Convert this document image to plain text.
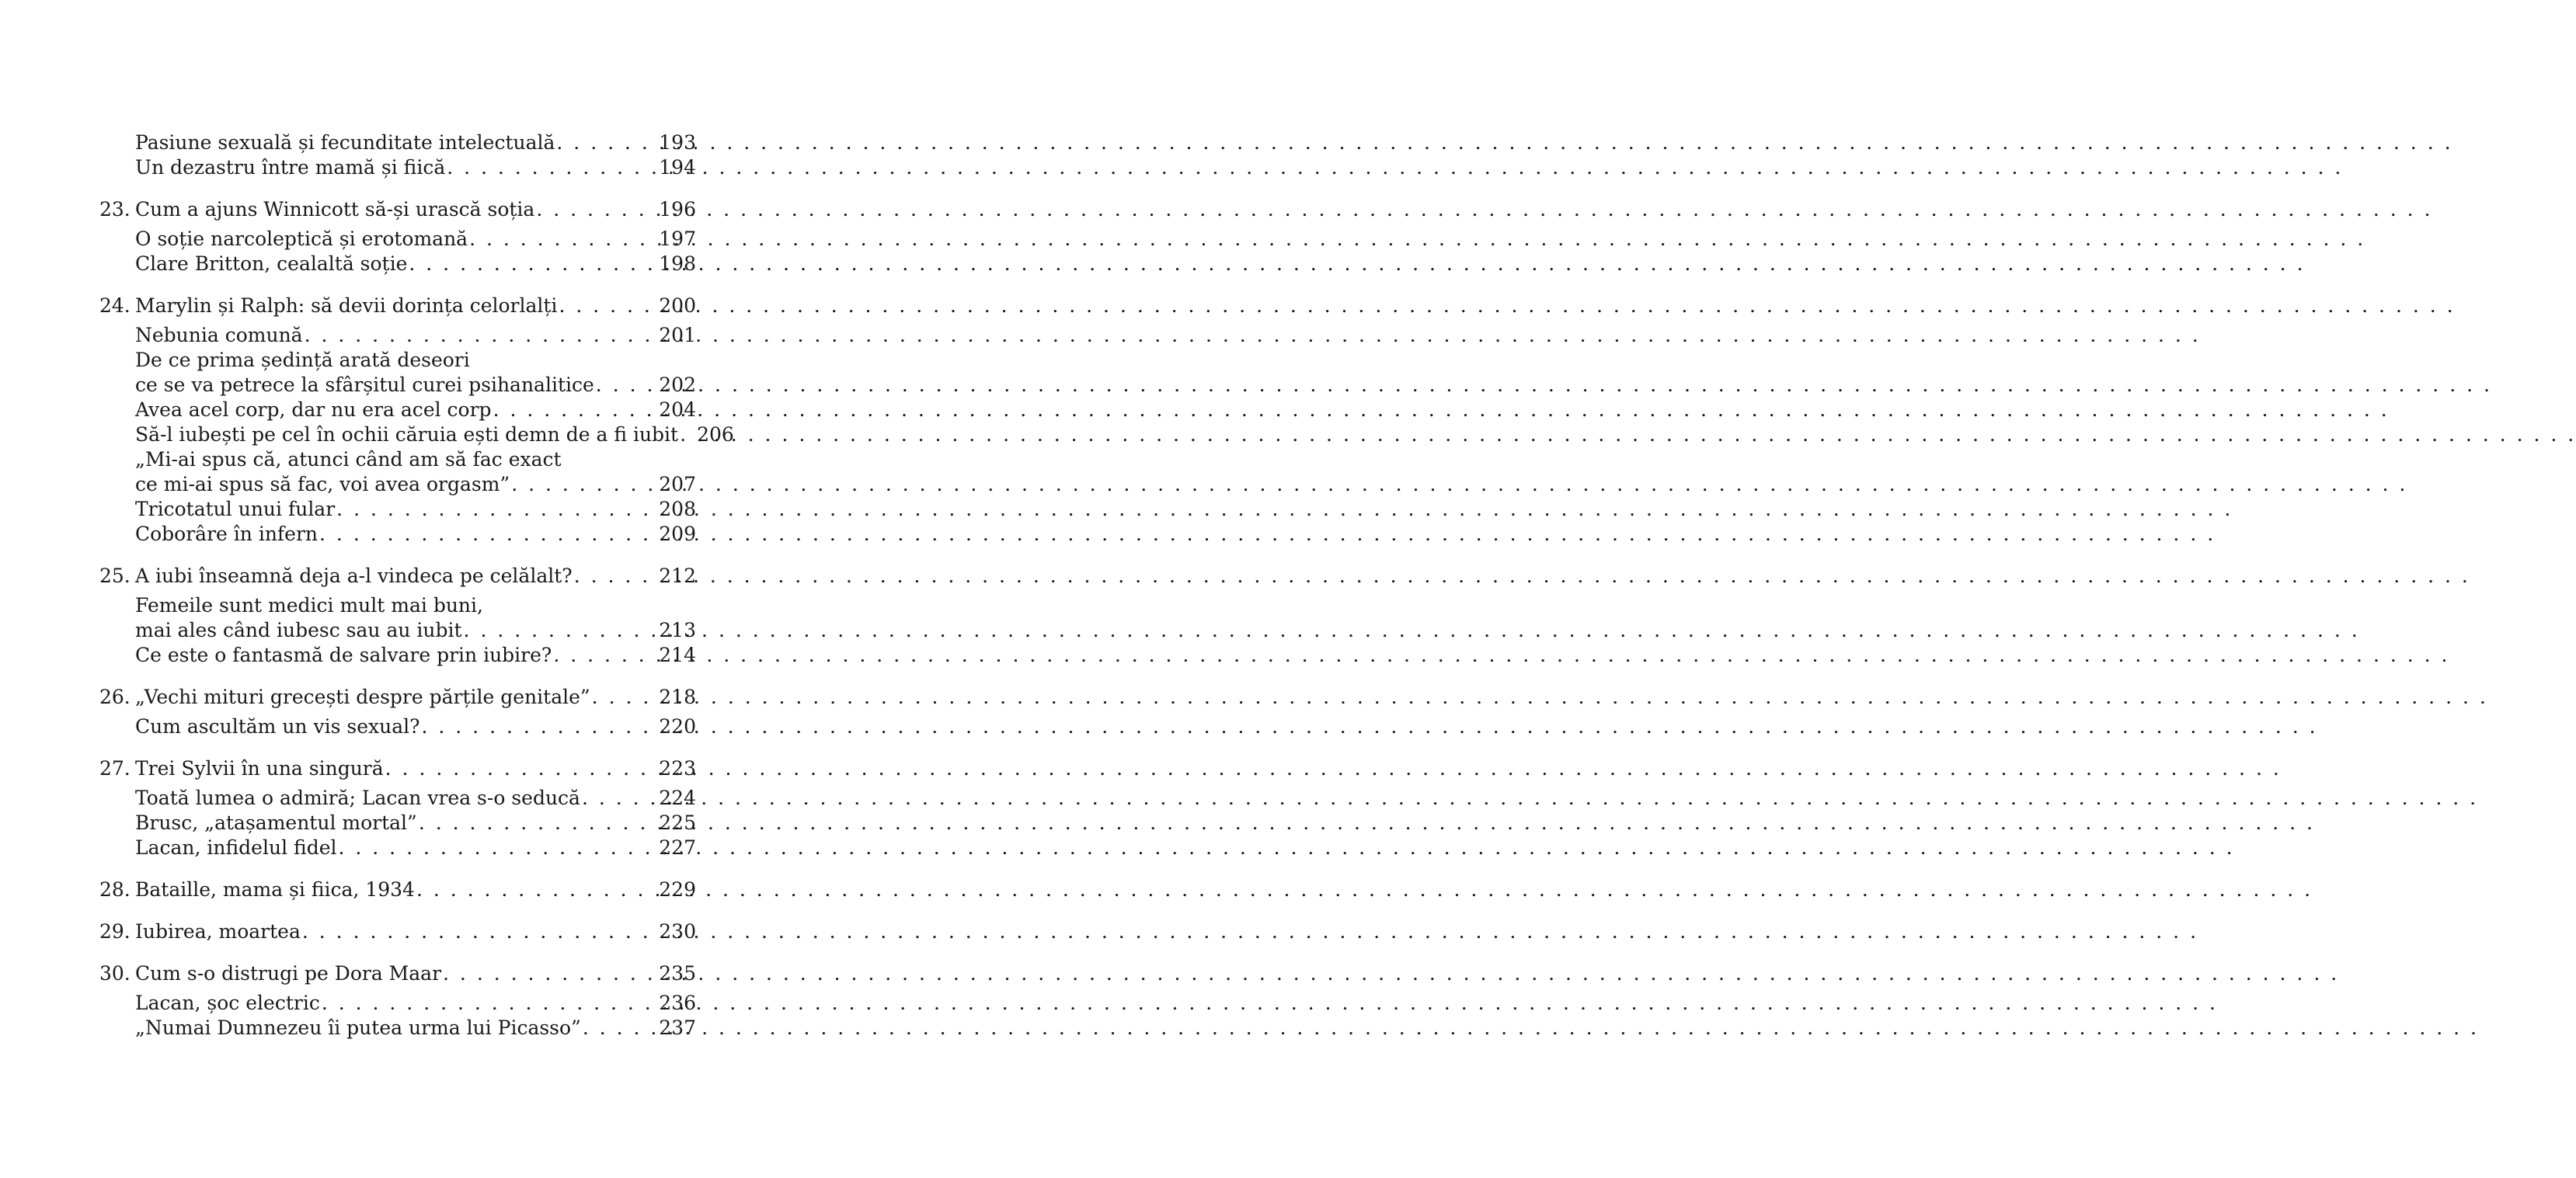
Pasiune sexuală și fecunditate intelectuală . . .	193
Un dezastru între mamă și fiică . . .	194
23. Cum a ajuns Winnicott să-și urască soția . . .	196
O soție narcoleptică și erotomană . . .	197
Clare Britton, cealaltă soție . . .	198
24. Marylin și Ralph: să devii dorința celorlalți . . .	200
Nebunia comună . . .	201
De ce prima ședință arată deseori
ce se va petrece la sfârșitul curei psihanalitice . . .	202
Avea acel corp, dar nu era acel corp . . .	204
Să-l iubești pe cel în ochii căruia ești demn de a fi iubit . . . 206
„Mi-ai spus că, atunci când am să fac exact
ce mi-ai spus să fac, voi avea orgasm” . . .	207
Tricotatul unui fular . . .	208
Coborâre în infern . . .	209
25. A iubi înseamnă deja a-l vindeca pe celălalt? . . .	212
Femeile sunt medici mult mai buni,
mai ales când iubesc sau au iubit . . .	213
Ce este o fantasmă de salvare prin iubire? . . .	214
26. „Vechi mituri grecești despre părțile genitale” . . .	218
Cum ascultăm un vis sexual? . . .	220
27. Trei Sylvii în una singură . . .	223
Toată lumea o admiră; Lacan vrea s-o seducă . . .	224
Brusc, „atașamentul mortal” . . .	225
Lacan, infidelul fidel . . .	227
28. Bataille, mama și fiica, 1934 . . .	229
29. Iubirea, moartea . . .	230
30. Cum s-o distrugi pe Dora Maar . . .	235
Lacan, șoc electric . . .	236
„Numai Dumnezeu îi putea urma lui Picasso” . . .	237
